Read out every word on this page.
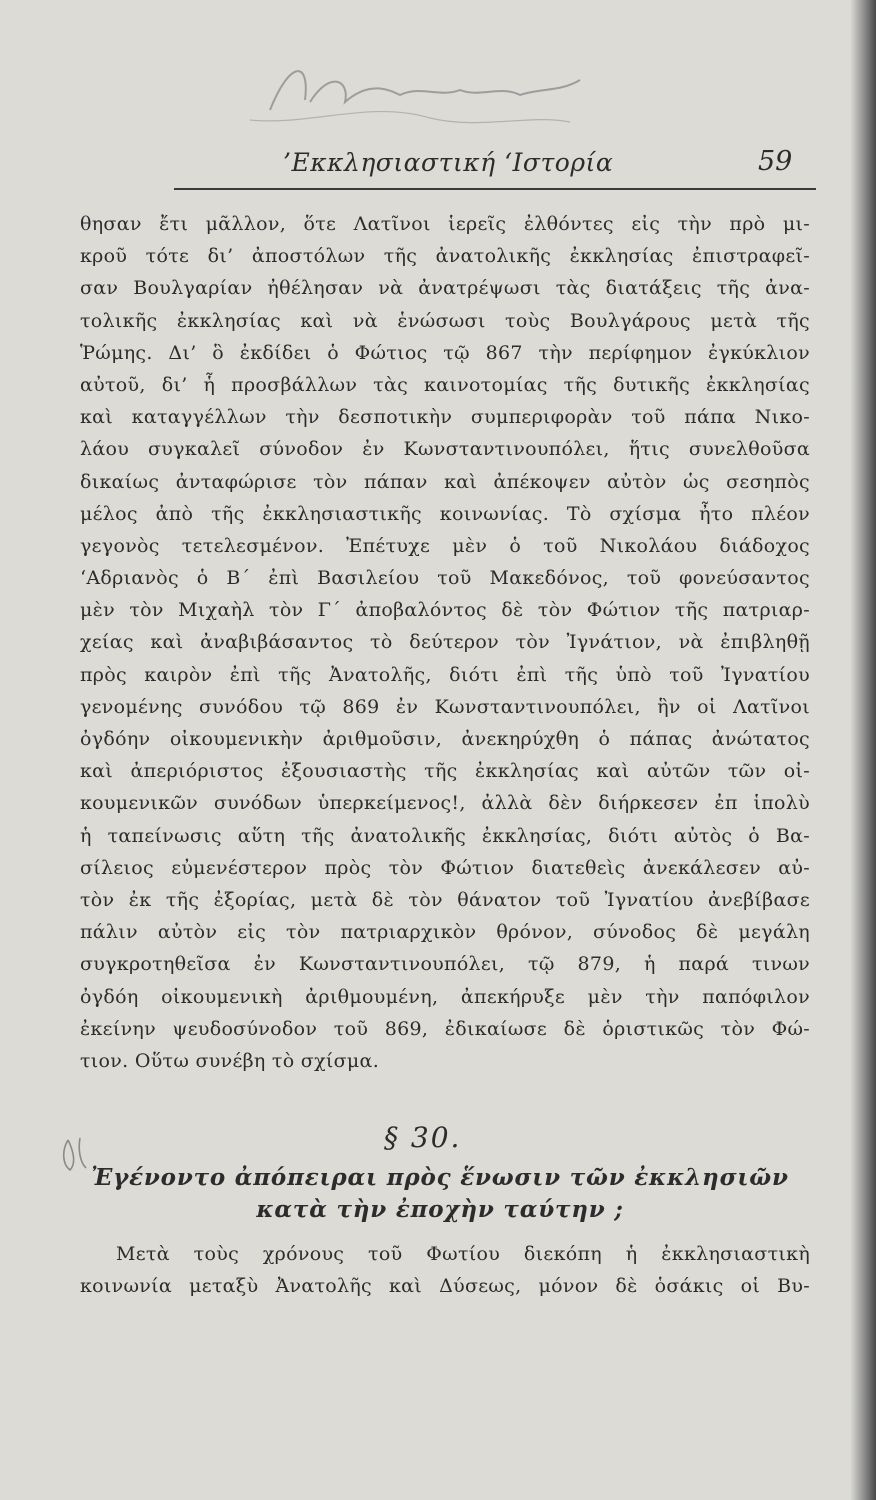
’Εκκλησιαστική ‘Ιστορία	59
θησαν ἔτι μᾶλλον, ὅτε Λατῖνοι ἱερεῖς ἐλθόντες εἰς τὴν πρὸ μι-
κροῦ τότε δι’ ἀποστόλων τῆς ἀνατολικῆς ἐκκλησίας ἐπιστραφεῖ-
σαν Βουλγαρίαν ἠθέλησαν νὰ ἀνατρέψωσι τὰς διατάξεις τῆς ἀνα-
τολικῆς ἐκκλησίας καὶ νὰ ἑνώσωσι τοὺς Βουλγάρους μετὰ τῆς
Ῥώμης. Δι’ ὃ ἐκδίδει ὁ Φώτιος τῷ 867 τὴν περίφημον ἐγκύκλιον
αὐτοῦ, δι’ ἧ προσβάλλων τὰς καινοτομίας τῆς δυτικῆς ἐκκλησίας
καὶ καταγγέλλων τὴν δεσποτικὴν συμπεριφορὰν τοῦ πάπα Νικο-
λάου συγκαλεῖ σύνοδον ἐν Κωνσταντινουπόλει, ἥτις συνελθοῦσα
δικαίως ἀνταφώρισε τὸν πάπαν καὶ ἀπέκοψεν αὐτὸν ὡς σεσηπὸς
μέλος ἀπὸ τῆς ἐκκλησιαστικῆς κοινωνίας. Τὸ σχίσμα ἦτο πλέον
γεγονὸς τετελεσμένον. Ἐπέτυχε μὲν ὁ τοῦ Νικολάου διάδοχος
‘Αδριανὸς ὁ Β΄ ἐπὶ Βασιλείου τοῦ Μακεδόνος, τοῦ φονεύσαντος
μὲν τὸν Μιχαὴλ τὸν Γ΄ ἀποβαλόντος δὲ τὸν Φώτιον τῆς πατριαρ-
χείας καὶ ἀναβιβάσαντος τὸ δεύτερον τὸν Ἰγνάτιον, νὰ ἐπιβληθῇ
πρὸς καιρὸν ἐπὶ τῆς Ἀνατολῆς, διότι ἐπὶ τῆς ὑπὸ τοῦ Ἰγνατίου
γενομένης συνόδου τῷ 869 ἐν Κωνσταντινουπόλει, ἣν οἱ Λατῖνοι
ὀγδόην οἰκουμενικὴν ἀριθμοῦσιν, ἀνεκηρύχθη ὁ πάπας ἀνώτατος
καὶ ἀπεριόριστος ἐξουσιαστὴς τῆς ἐκκλησίας καὶ αὐτῶν τῶν οἰ-
κουμενικῶν συνόδων ὑπερκείμενος!, ἀλλὰ δὲν διήρκεσεν ἐπ ἱπολὺ
ἡ ταπείνωσις αὕτη τῆς ἀνατολικῆς ἐκκλησίας, διότι αὐτὸς ὁ Βα-
σίλειος εὐμενέστερον πρὸς τὸν Φώτιον διατεθεὶς ἀνεκάλεσεν αὐ-
τὸν ἐκ τῆς ἐξορίας, μετὰ δὲ τὸν θάνατον τοῦ Ἰγνατίου ἀνεβίβασε
πάλιν αὐτὸν εἰς τὸν πατριαρχικὸν θρόνον, σύνοδος δὲ μεγάλη
συγκροτηθεῖσα ἐν Κωνσταντινουπόλει, τῷ 879, ἡ παρά τινων
ὀγδόη οἰκουμενικὴ ἀριθμουμένη, ἀπεκήρυξε μὲν τὴν παπόφιλον
ἐκείνην ψευδοσύνοδον τοῦ 869, ἐδικαίωσε δὲ ὁριστικῶς τὸν Φώ-
τιον. Οὕτω συνέβη τὸ σχίσμα.
§ 30.
Ἐγένοντο ἀπόπειραι πρὸς ἕνωσιν τῶν ἐκκλησιῶν
κατὰ τὴν ἐποχὴν ταύτην ;
Μετὰ τοὺς χρόνους τοῦ Φωτίου διεκόπη ἡ ἐκκλησιαστικὴ
κοινωνία μεταξὺ Ἀνατολῆς καὶ Δύσεως, μόνον δὲ ὁσάκις οἱ Βυ-
